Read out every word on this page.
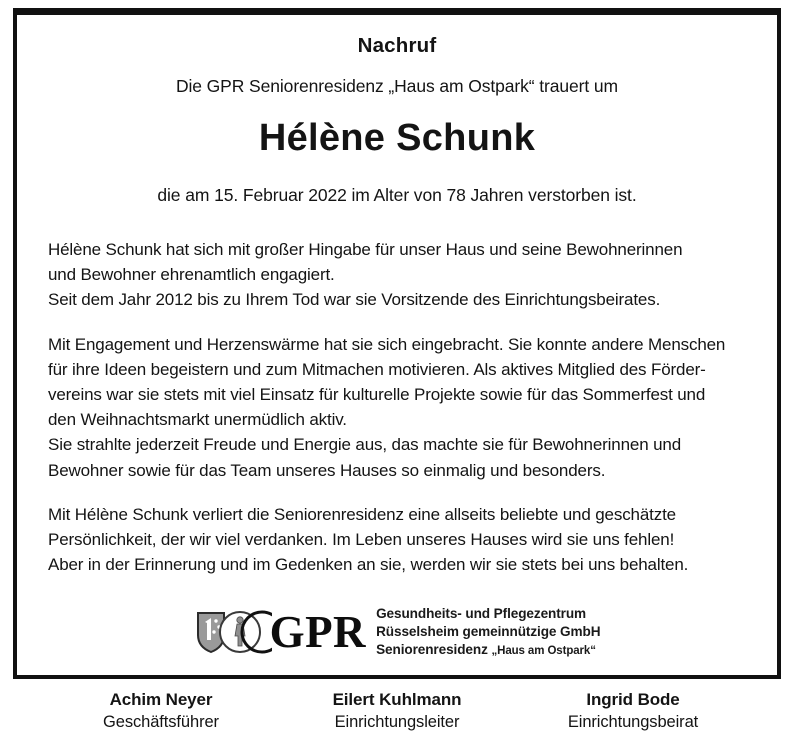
Nachruf
Die GPR Seniorenresidenz „Haus am Ostpark“ trauert um
Hélène Schunk
die am 15. Februar 2022 im Alter von 78 Jahren verstorben ist.

Hélène Schunk hat sich mit großer Hingabe für unser Haus und seine Bewohnerinnen
und Bewohner ehrenamtlich engagiert.
Seit dem Jahr 2012 bis zu Ihrem Tod war sie Vorsitzende des Einrichtungsbeirates.

Mit Engagement und Herzenswärme hat sie sich eingebracht. Sie konnte andere Menschen
für ihre Ideen begeistern und zum Mitmachen motivieren. Als aktives Mitglied des Förder-
vereins war sie stets mit viel Einsatz für kulturelle Projekte sowie für das Sommerfest und
den Weihnachtsmarkt unermüdlich aktiv.
Sie strahlte jederzeit Freude und Energie aus, das machte sie für Bewohnerinnen und
Bewohner sowie für das Team unseres Hauses so einmalig und besonders.

Mit Hélène Schunk verliert die Seniorenresidenz eine allseits beliebte und geschätzte
Persönlichkeit, der wir viel verdanken. Im Leben unseres Hauses wird sie uns fehlen!
Aber in der Erinnerung und im Gedenken an sie, werden wir sie stets bei uns behalten.

GPR Gesundheits- und Pflegezentrum
Rüsselsheim gemeinnützige GmbH
Seniorenresidenz „Haus am Ostpark“
Achim Neyer
Geschäftsführer
Eilert Kuhlmann
Einrichtungsleiter
Ingrid Bode
Einrichtungsbeirat
